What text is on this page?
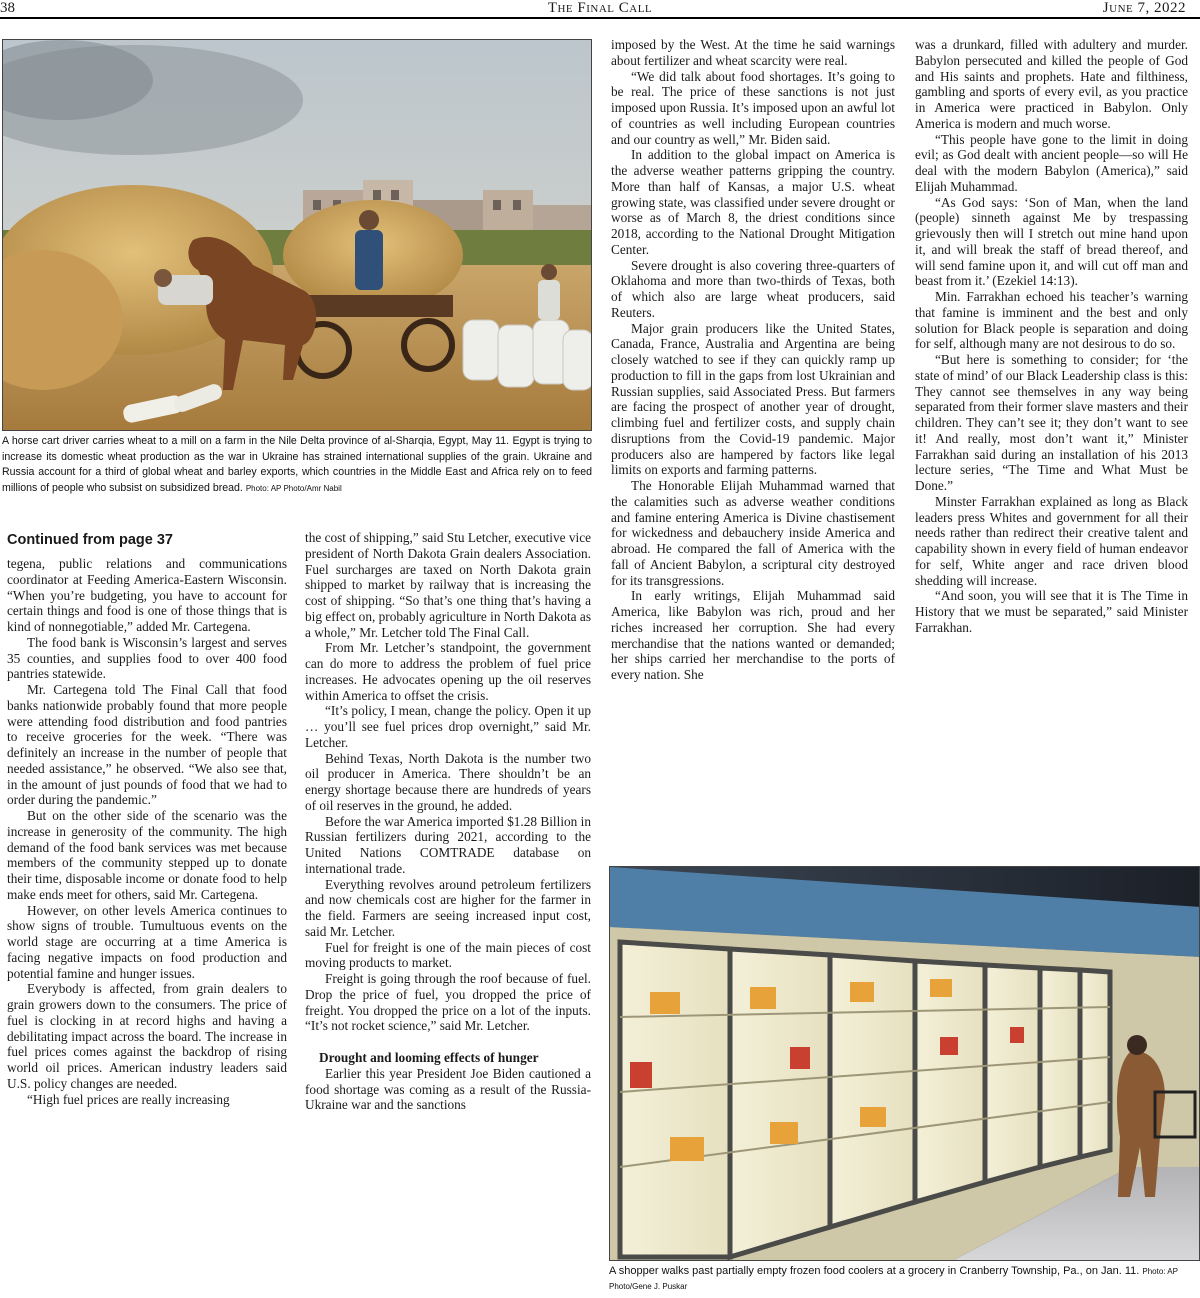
38	The Final Call	June 7, 2022
A horse cart driver carries wheat to a mill on a farm in the Nile Delta province of al-Sharqia, Egypt, May 11. Egypt is trying to increase its domestic wheat production as the war in Ukraine has strained international supplies of the grain. Ukraine and Russia account for a third of global wheat and barley exports, which countries in the Middle East and Africa rely on to feed millions of people who subsist on subsidized bread. Photo: AP Photo/Amr Nabil

Continued from page 37

tegena, public relations and communications coordinator at Feeding America-Eastern Wisconsin. “When you’re budgeting, you have to account for certain things and food is one of those things that is kind of nonnegotiable,” added Mr. Cartegena.

The food bank is Wisconsin’s largest and serves 35 counties, and supplies food to over 400 food pantries statewide.

Mr. Cartegena told The Final Call that food banks nationwide probably found that more people were attending food distribution and food pantries to receive groceries for the week. “There was definitely an increase in the number of people that needed assistance,” he observed. “We also see that, in the amount of just pounds of food that we had to order during the pandemic.”

But on the other side of the scenario was the increase in generosity of the community. The high demand of the food bank services was met because members of the community stepped up to donate their time, disposable income or donate food to help make ends meet for others, said Mr. Cartegena.

However, on other levels America continues to show signs of trouble. Tumultuous events on the world stage are occurring at a time America is facing negative impacts on food production and potential famine and hunger issues.

Everybody is affected, from grain dealers to grain growers down to the consumers. The price of fuel is clocking in at record highs and having a debilitating impact across the board. The increase in fuel prices comes against the backdrop of rising world oil prices. American industry leaders said U.S. policy changes are needed.

“High fuel prices are really increasing

the cost of shipping,” said Stu Letcher, executive vice president of North Dakota Grain dealers Association. Fuel surcharges are taxed on North Dakota grain shipped to market by railway that is increasing the cost of shipping. “So that’s one thing that’s having a big effect on, probably agriculture in North Dakota as a whole,” Mr. Letcher told The Final Call.

From Mr. Letcher’s standpoint, the government can do more to address the problem of fuel price increases. He advocates opening up the oil reserves within America to offset the crisis.

“It’s policy, I mean, change the policy. Open it up … you’ll see fuel prices drop overnight,” said Mr. Letcher.

Behind Texas, North Dakota is the number two oil producer in America. There shouldn’t be an energy shortage because there are hundreds of years of oil reserves in the ground, he added.

Before the war America imported $1.28 Billion in Russian fertilizers during 2021, according to the United Nations COMTRADE database on international trade.

Everything revolves around petroleum fertilizers and now chemicals cost are higher for the farmer in the field. Farmers are seeing increased input cost, said Mr. Letcher.

Fuel for freight is one of the main pieces of cost moving products to market.

Freight is going through the roof because of fuel. Drop the price of fuel, you dropped the price of freight. You dropped the price on a lot of the inputs. “It’s not rocket science,” said Mr. Letcher.

Drought and looming effects of hunger

Earlier this year President Joe Biden cautioned a food shortage was coming as a result of the Russia-Ukraine war and the sanctions

imposed by the West. At the time he said warnings about fertilizer and wheat scarcity were real.

“We did talk about food shortages. It’s going to be real. The price of these sanctions is not just imposed upon Russia. It’s imposed upon an awful lot of countries as well including European countries and our country as well,” Mr. Biden said.

In addition to the global impact on America is the adverse weather patterns gripping the country. More than half of Kansas, a major U.S. wheat growing state, was classified under severe drought or worse as of March 8, the driest conditions since 2018, according to the National Drought Mitigation Center.

Severe drought is also covering three-quarters of Oklahoma and more than two-thirds of Texas, both of which also are large wheat producers, said Reuters.

Major grain producers like the United States, Canada, France, Australia and Argentina are being closely watched to see if they can quickly ramp up production to fill in the gaps from lost Ukrainian and Russian supplies, said Associated Press. But farmers are facing the prospect of another year of drought, climbing fuel and fertilizer costs, and supply chain disruptions from the Covid-19 pandemic. Major producers also are hampered by factors like legal limits on exports and farming patterns.

The Honorable Elijah Muhammad warned that the calamities such as adverse weather conditions and famine entering America is Divine chastisement for wickedness and debauchery inside America and abroad. He compared the fall of America with the fall of Ancient Babylon, a scriptural city destroyed for its transgressions.

In early writings, Elijah Muhammad said America, like Babylon was rich, proud and her riches increased her corruption. She had every merchandise that the nations wanted or demanded; her ships carried her merchandise to the ports of every nation. She

was a drunkard, filled with adultery and murder. Babylon persecuted and killed the people of God and His saints and prophets. Hate and filthiness, gambling and sports of every evil, as you practice in America were practiced in Babylon. Only America is modern and much worse.

“This people have gone to the limit in doing evil; as God dealt with ancient people—so will He deal with the modern Babylon (America),” said Elijah Muhammad.

“As God says: ‘Son of Man, when the land (people) sinneth against Me by trespassing grievously then will I stretch out mine hand upon it, and will break the staff of bread thereof, and will send famine upon it, and will cut off man and beast from it.’ (Ezekiel 14:13).

Min. Farrakhan echoed his teacher’s warning that famine is imminent and the best and only solution for Black people is separation and doing for self, although many are not desirous to do so.

“But here is something to consider; for ‘the state of mind’ of our Black Leadership class is this: They cannot see themselves in any way being separated from their former slave masters and their children. They can’t see it; they don’t want to see it! And really, most don’t want it,” Minister Farrakhan said during an installation of his 2013 lecture series, “The Time and What Must be Done.”

Minster Farrakhan explained as long as Black leaders press Whites and government for all their needs rather than redirect their creative talent and capability shown in every field of human endeavor for self, White anger and race driven blood shedding will increase.

“And soon, you will see that it is The Time in History that we must be separated,” said Minister Farrakhan.

A shopper walks past partially empty frozen food coolers at a grocery in Cranberry Township, Pa., on Jan. 11. Photo: AP Photo/Gene J. Puskar
